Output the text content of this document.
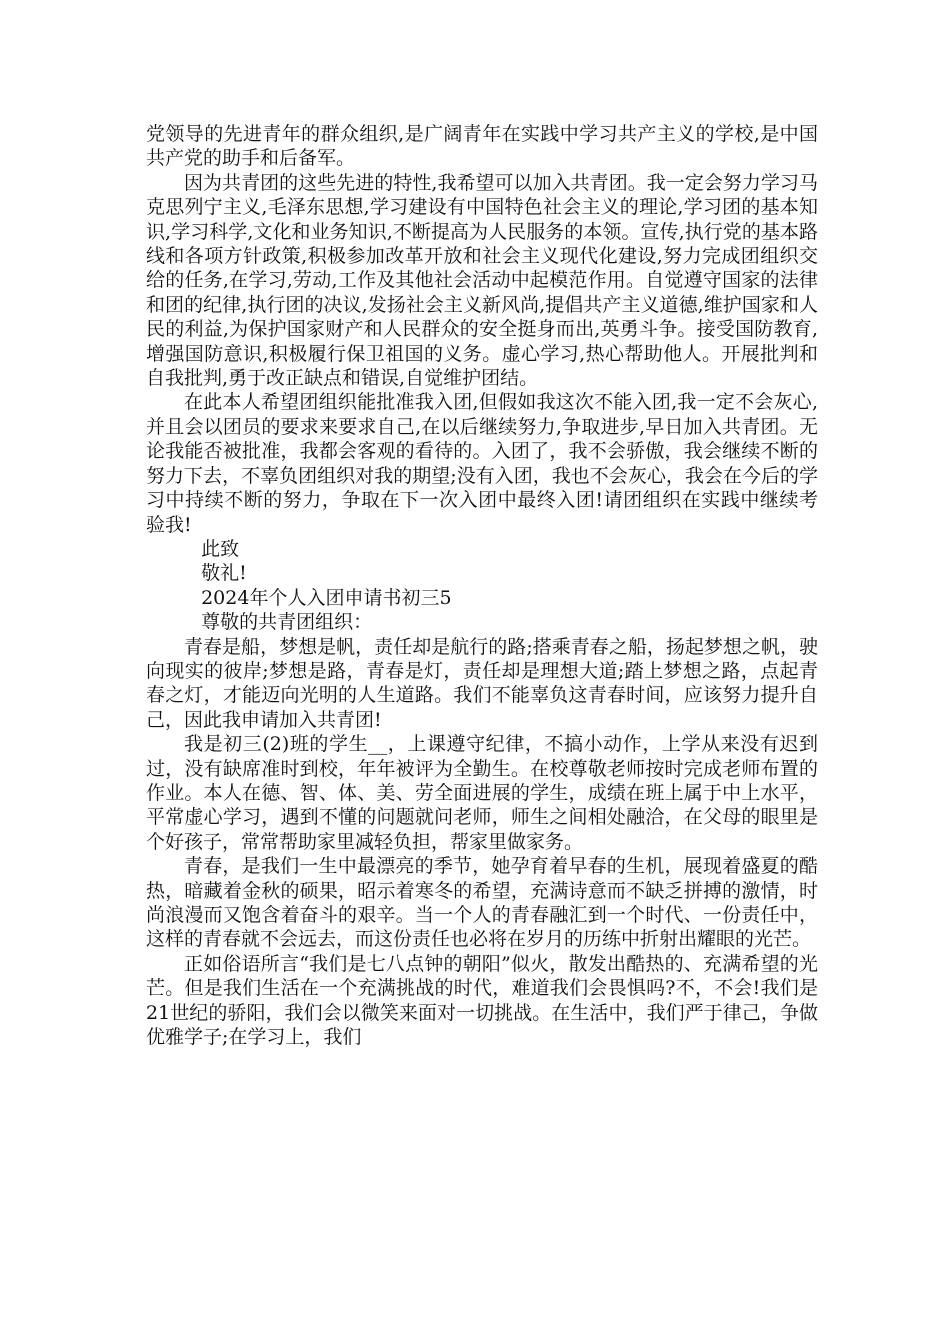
党领导的先进青年的群众组织,是广阔青年在实践中学习共产主义的学校,是中国共产党的助手和后备军。

因为共青团的这些先进的特性,我希望可以加入共青团。我一定会努力学习马克思列宁主义,毛泽东思想,学习建设有中国特色社会主义的理论,学习团的基本知识,学习科学,文化和业务知识,不断提高为人民服务的本领。宣传,执行党的基本路线和各项方针政策,积极参加改革开放和社会主义现代化建设,努力完成团组织交给的任务,在学习,劳动,工作及其他社会活动中起模范作用。自觉遵守国家的法律和团的纪律,执行团的决议,发扬社会主义新风尚,提倡共产主义道德,维护国家和人民的利益,为保护国家财产和人民群众的安全挺身而出,英勇斗争。接受国防教育,增强国防意识,积极履行保卫祖国的义务。虚心学习,热心帮助他人。开展批判和自我批判,勇于改正缺点和错误,自觉维护团结。

在此本人希望团组织能批准我入团,但假如我这次不能入团,我一定不会灰心,并且会以团员的要求来要求自己,在以后继续努力,争取进步,早日加入共青团。无论我能否被批准，我都会客观的看待的。入团了，我不会骄傲，我会继续不断的努力下去，不辜负团组织对我的期望;没有入团，我也不会灰心，我会在今后的学习中持续不断的努力，争取在下一次入团中最终入团!请团组织在实践中继续考验我!

此致

敬礼!

2024年个人入团申请书初三5

尊敬的共青团组织：

青春是船，梦想是帆，责任却是航行的路;搭乘青春之船，扬起梦想之帆，驶向现实的彼岸;梦想是路，青春是灯，责任却是理想大道;踏上梦想之路，点起青春之灯，才能迈向光明的人生道路。我们不能辜负这青春时间，应该努力提升自己，因此我申请加入共青团!

我是初三(2)班的学生__，上课遵守纪律，不搞小动作，上学从来没有迟到过，没有缺席准时到校，年年被评为全勤生。在校尊敬老师按时完成老师布置的作业。本人在德、智、体、美、劳全面进展的学生，成绩在班上属于中上水平，平常虚心学习，遇到不懂的问题就问老师，师生之间相处融洽，在父母的眼里是个好孩子，常常帮助家里减轻负担，帮家里做家务。

青春，是我们一生中最漂亮的季节，她孕育着早春的生机，展现着盛夏的酷热，暗藏着金秋的硕果，昭示着寒冬的希望，充满诗意而不缺乏拼搏的激情，时尚浪漫而又饱含着奋斗的艰辛。当一个人的青春融汇到一个时代、一份责任中，这样的青春就不会远去，而这份责任也必将在岁月的历练中折射出耀眼的光芒。

正如俗语所言“我们是七八点钟的朝阳”似火，散发出酷热的、充满希望的光芒。但是我们生活在一个充满挑战的时代，难道我们会畏惧吗?不，不会!我们是21世纪的骄阳，我们会以微笑来面对一切挑战。在生活中，我们严于律己，争做优雅学子;在学习上，我们
